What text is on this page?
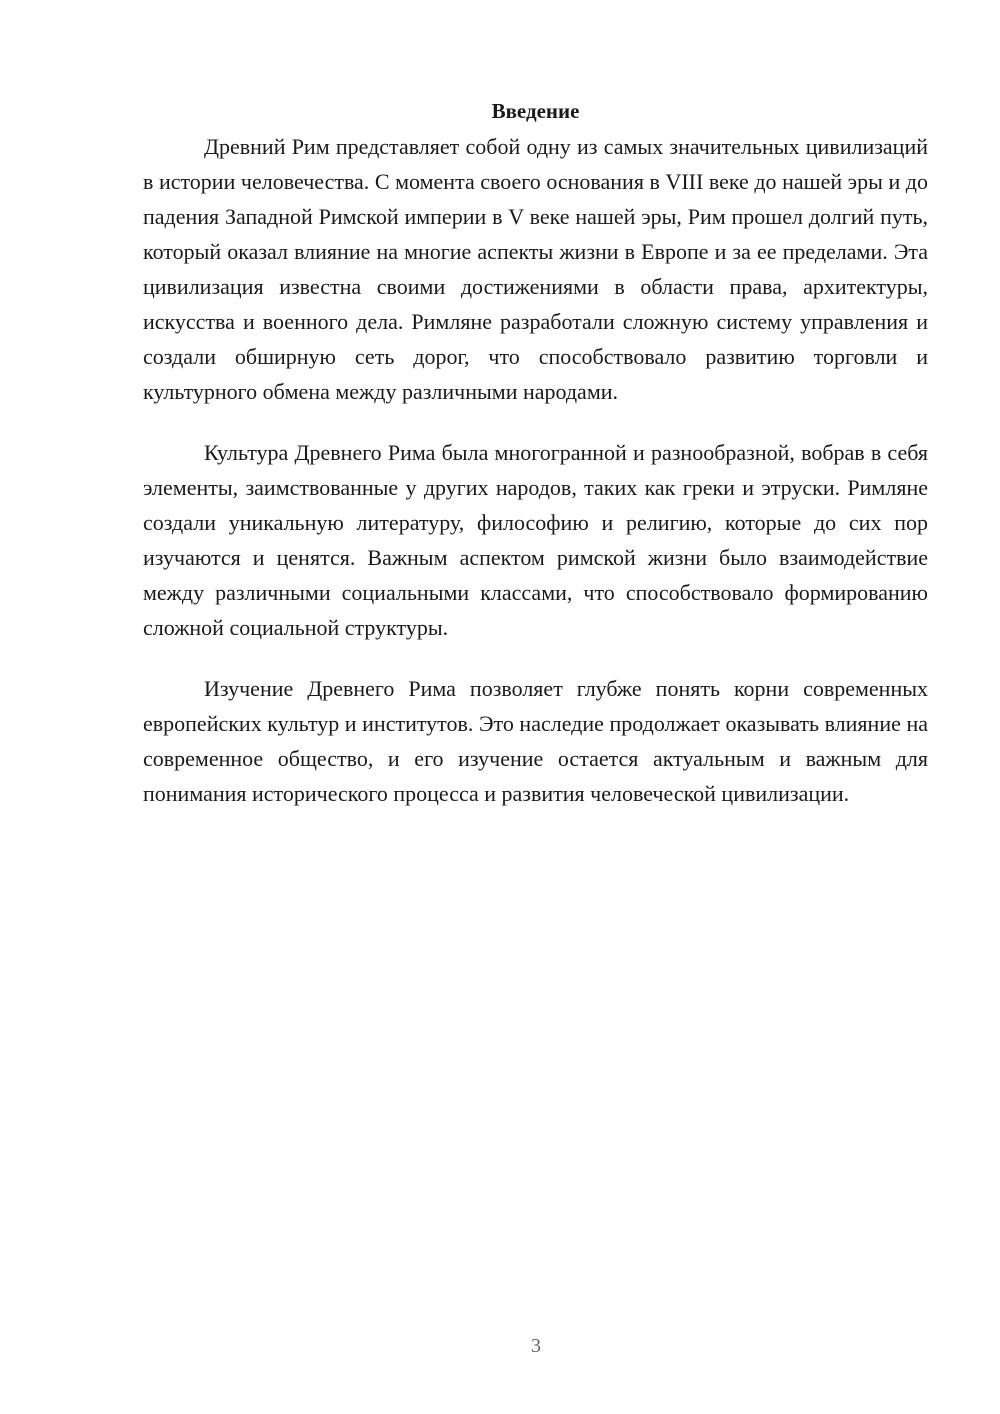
Введение

Древний Рим представляет собой одну из самых значительных цивилизаций в истории человечества. С момента своего основания в VIII веке до нашей эры и до падения Западной Римской империи в V веке нашей эры, Рим прошел долгий путь, который оказал влияние на многие аспекты жизни в Европе и за ее пределами. Эта цивилизация известна своими достижениями в области права, архитектуры, искусства и военного дела. Римляне разработали сложную систему управления и создали обширную сеть дорог, что способствовало развитию торговли и культурного обмена между различными народами.

Культура Древнего Рима была многогранной и разнообразной, вобрав в себя элементы, заимствованные у других народов, таких как греки и этруски. Римляне создали уникальную литературу, философию и религию, которые до сих пор изучаются и ценятся. Важным аспектом римской жизни было взаимодействие между различными социальными классами, что способствовало формированию сложной социальной структуры.

Изучение Древнего Рима позволяет глубже понять корни современных европейских культур и институтов. Это наследие продолжает оказывать влияние на современное общество, и его изучение остается актуальным и важным для понимания исторического процесса и развития человеческой цивилизации.

3
